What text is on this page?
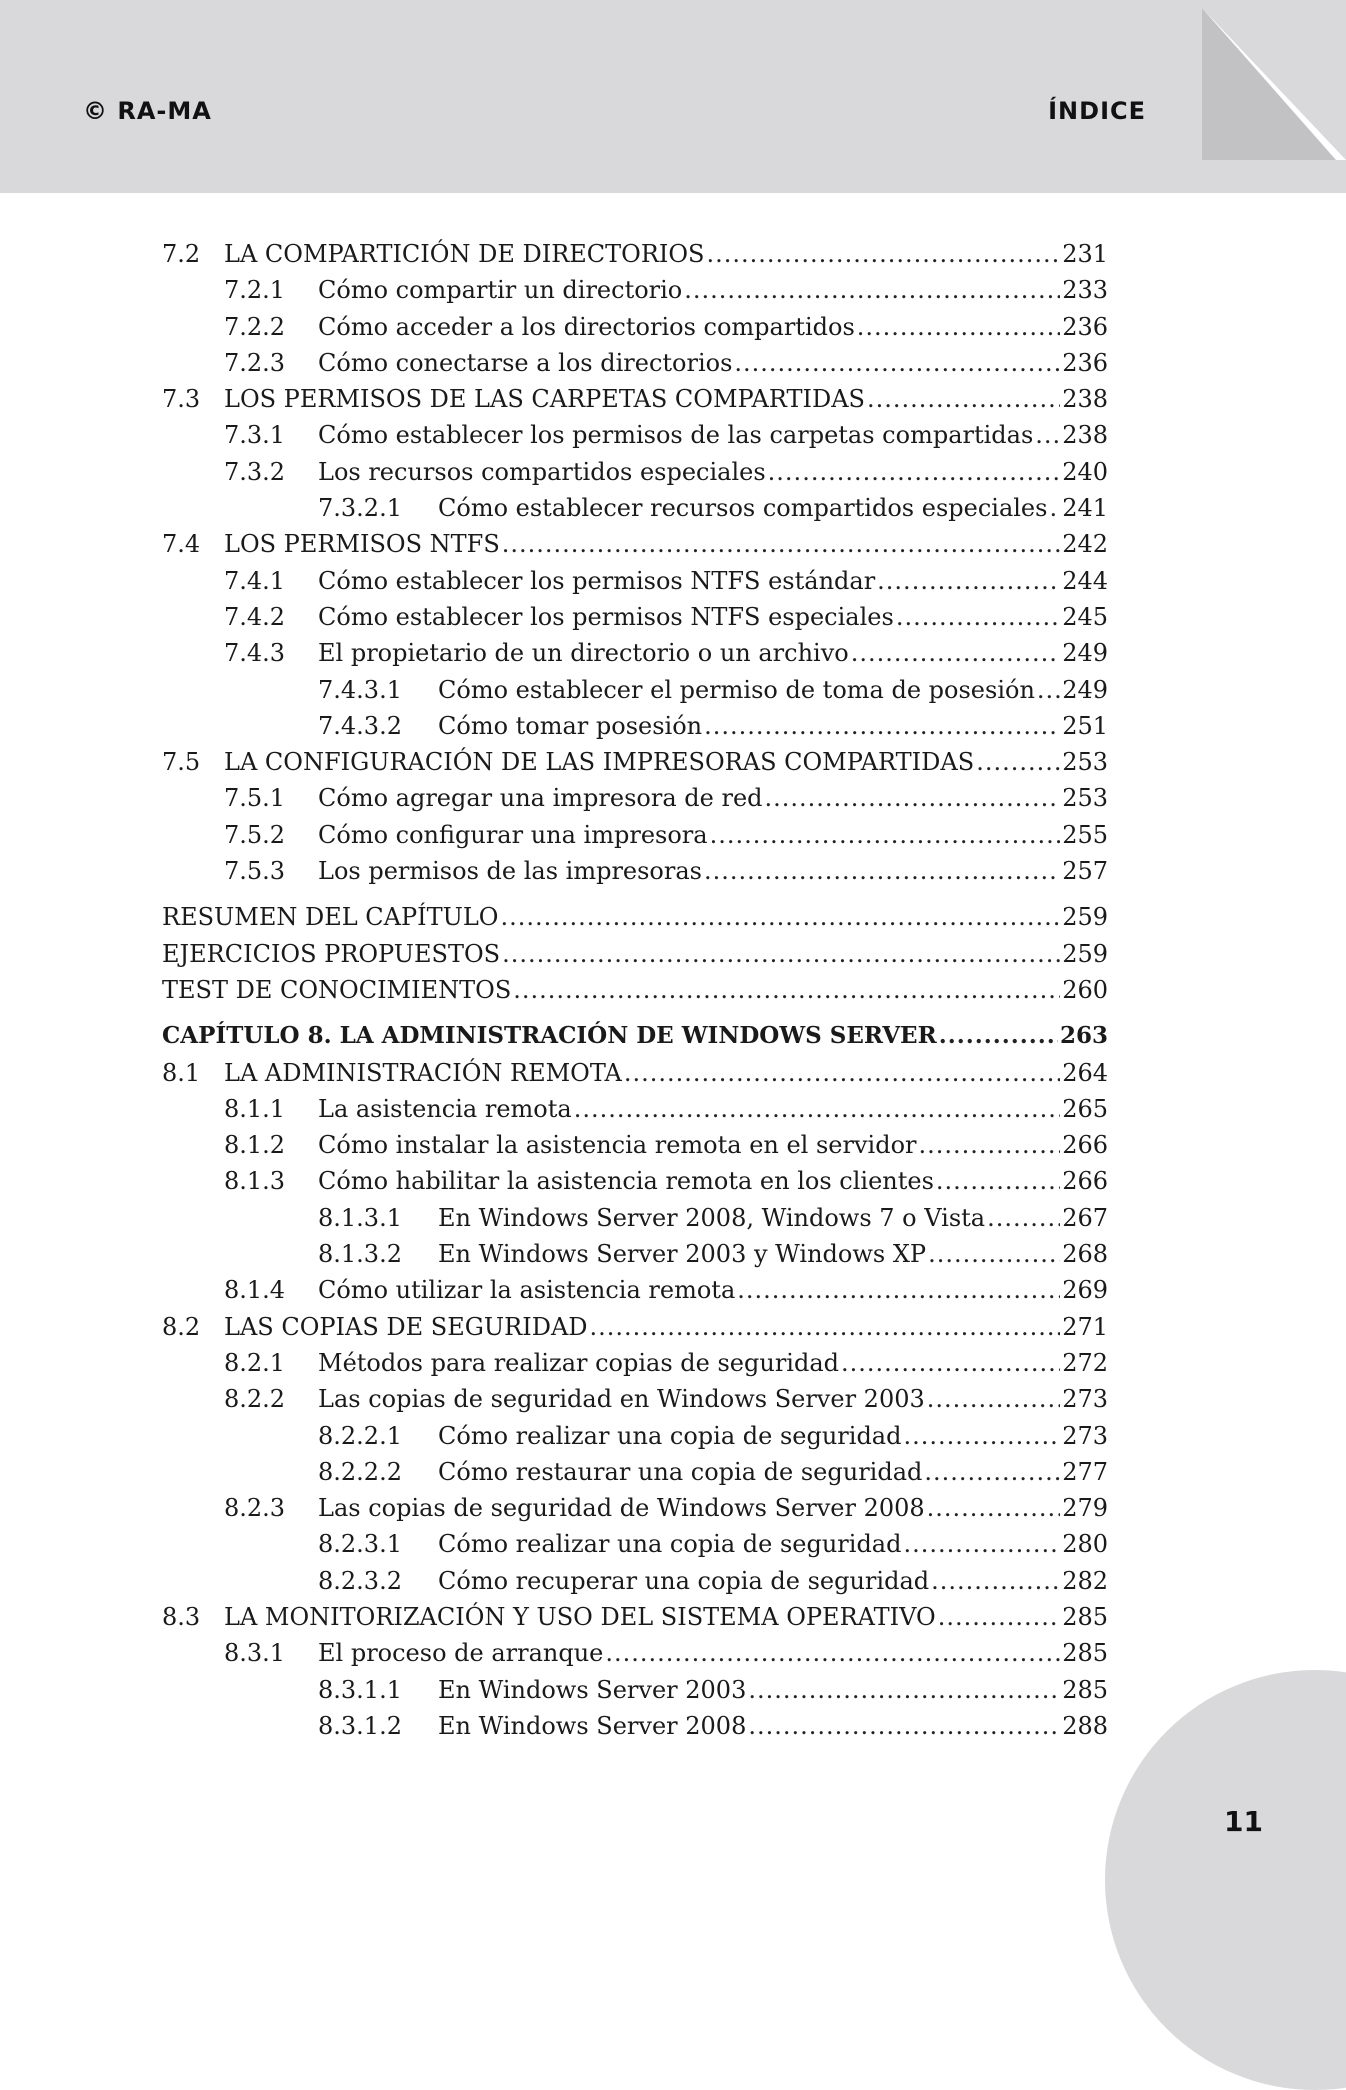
© RA-MA	ÍNDICE
7.2 LA COMPARTICIÓN DE DIRECTORIOS .....	231
7.2.1	Cómo compartir un directorio .....	233
7.2.2	Cómo acceder a los directorios compartidos .....	236
7.2.3	Cómo conectarse a los directorios .....	236
7.3 LOS PERMISOS DE LAS CARPETAS COMPARTIDAS .....	238
7.3.1	Cómo establecer los permisos de las carpetas compartidas ..... 238
7.3.2	Los recursos compartidos especiales .....	240
7.3.2.1	Cómo establecer recursos compartidos especiales ..... 241
7.4 LOS PERMISOS NTFS .....	242
7.4.1	Cómo establecer los permisos NTFS estándar .....	244
7.4.2	Cómo establecer los permisos NTFS especiales .....	245
7.4.3	El propietario de un directorio o un archivo .....	249
7.4.3.1	Cómo establecer el permiso de toma de posesión ..... 249
7.4.3.2	Cómo tomar posesión .....	251
7.5 LA CONFIGURACIÓN DE LAS IMPRESORAS COMPARTIDAS .....	253
7.5.1	Cómo agregar una impresora de red .....	253
7.5.2	Cómo configurar una impresora .....	255
7.5.3	Los permisos de las impresoras .....	257
RESUMEN DEL CAPÍTULO .....	259
EJERCICIOS PROPUESTOS .....	259
TEST DE CONOCIMIENTOS .....	260
CAPÍTULO 8. LA ADMINISTRACIÓN DE WINDOWS SERVER .....	263
8.1 LA ADMINISTRACIÓN REMOTA .....	264
8.1.1	La asistencia remota .....	265
8.1.2	Cómo instalar la asistencia remota en el servidor .....	266
8.1.3	Cómo habilitar la asistencia remota en los clientes .....	266
8.1.3.1	En Windows Server 2008, Windows 7 o Vista .....	267
8.1.3.2	En Windows Server 2003 y Windows XP .....	268
8.1.4	Cómo utilizar la asistencia remota .....	269
8.2 LAS COPIAS DE SEGURIDAD .....	271
8.2.1	Métodos para realizar copias de seguridad .....	272
8.2.2	Las copias de seguridad en Windows Server 2003 .....	273
8.2.2.1	Cómo realizar una copia de seguridad .....	273
8.2.2.2	Cómo restaurar una copia de seguridad .....	277
8.2.3	Las copias de seguridad de Windows Server 2008 .....	279
8.2.3.1	Cómo realizar una copia de seguridad .....	280
8.2.3.2	Cómo recuperar una copia de seguridad .....	282
8.3 LA MONITORIZACIÓN Y USO DEL SISTEMA OPERATIVO .....	285
8.3.1	El proceso de arranque .....	285
8.3.1.1	En Windows Server 2003 .....	285
8.3.1.2	En Windows Server 2008 .....	288
11
